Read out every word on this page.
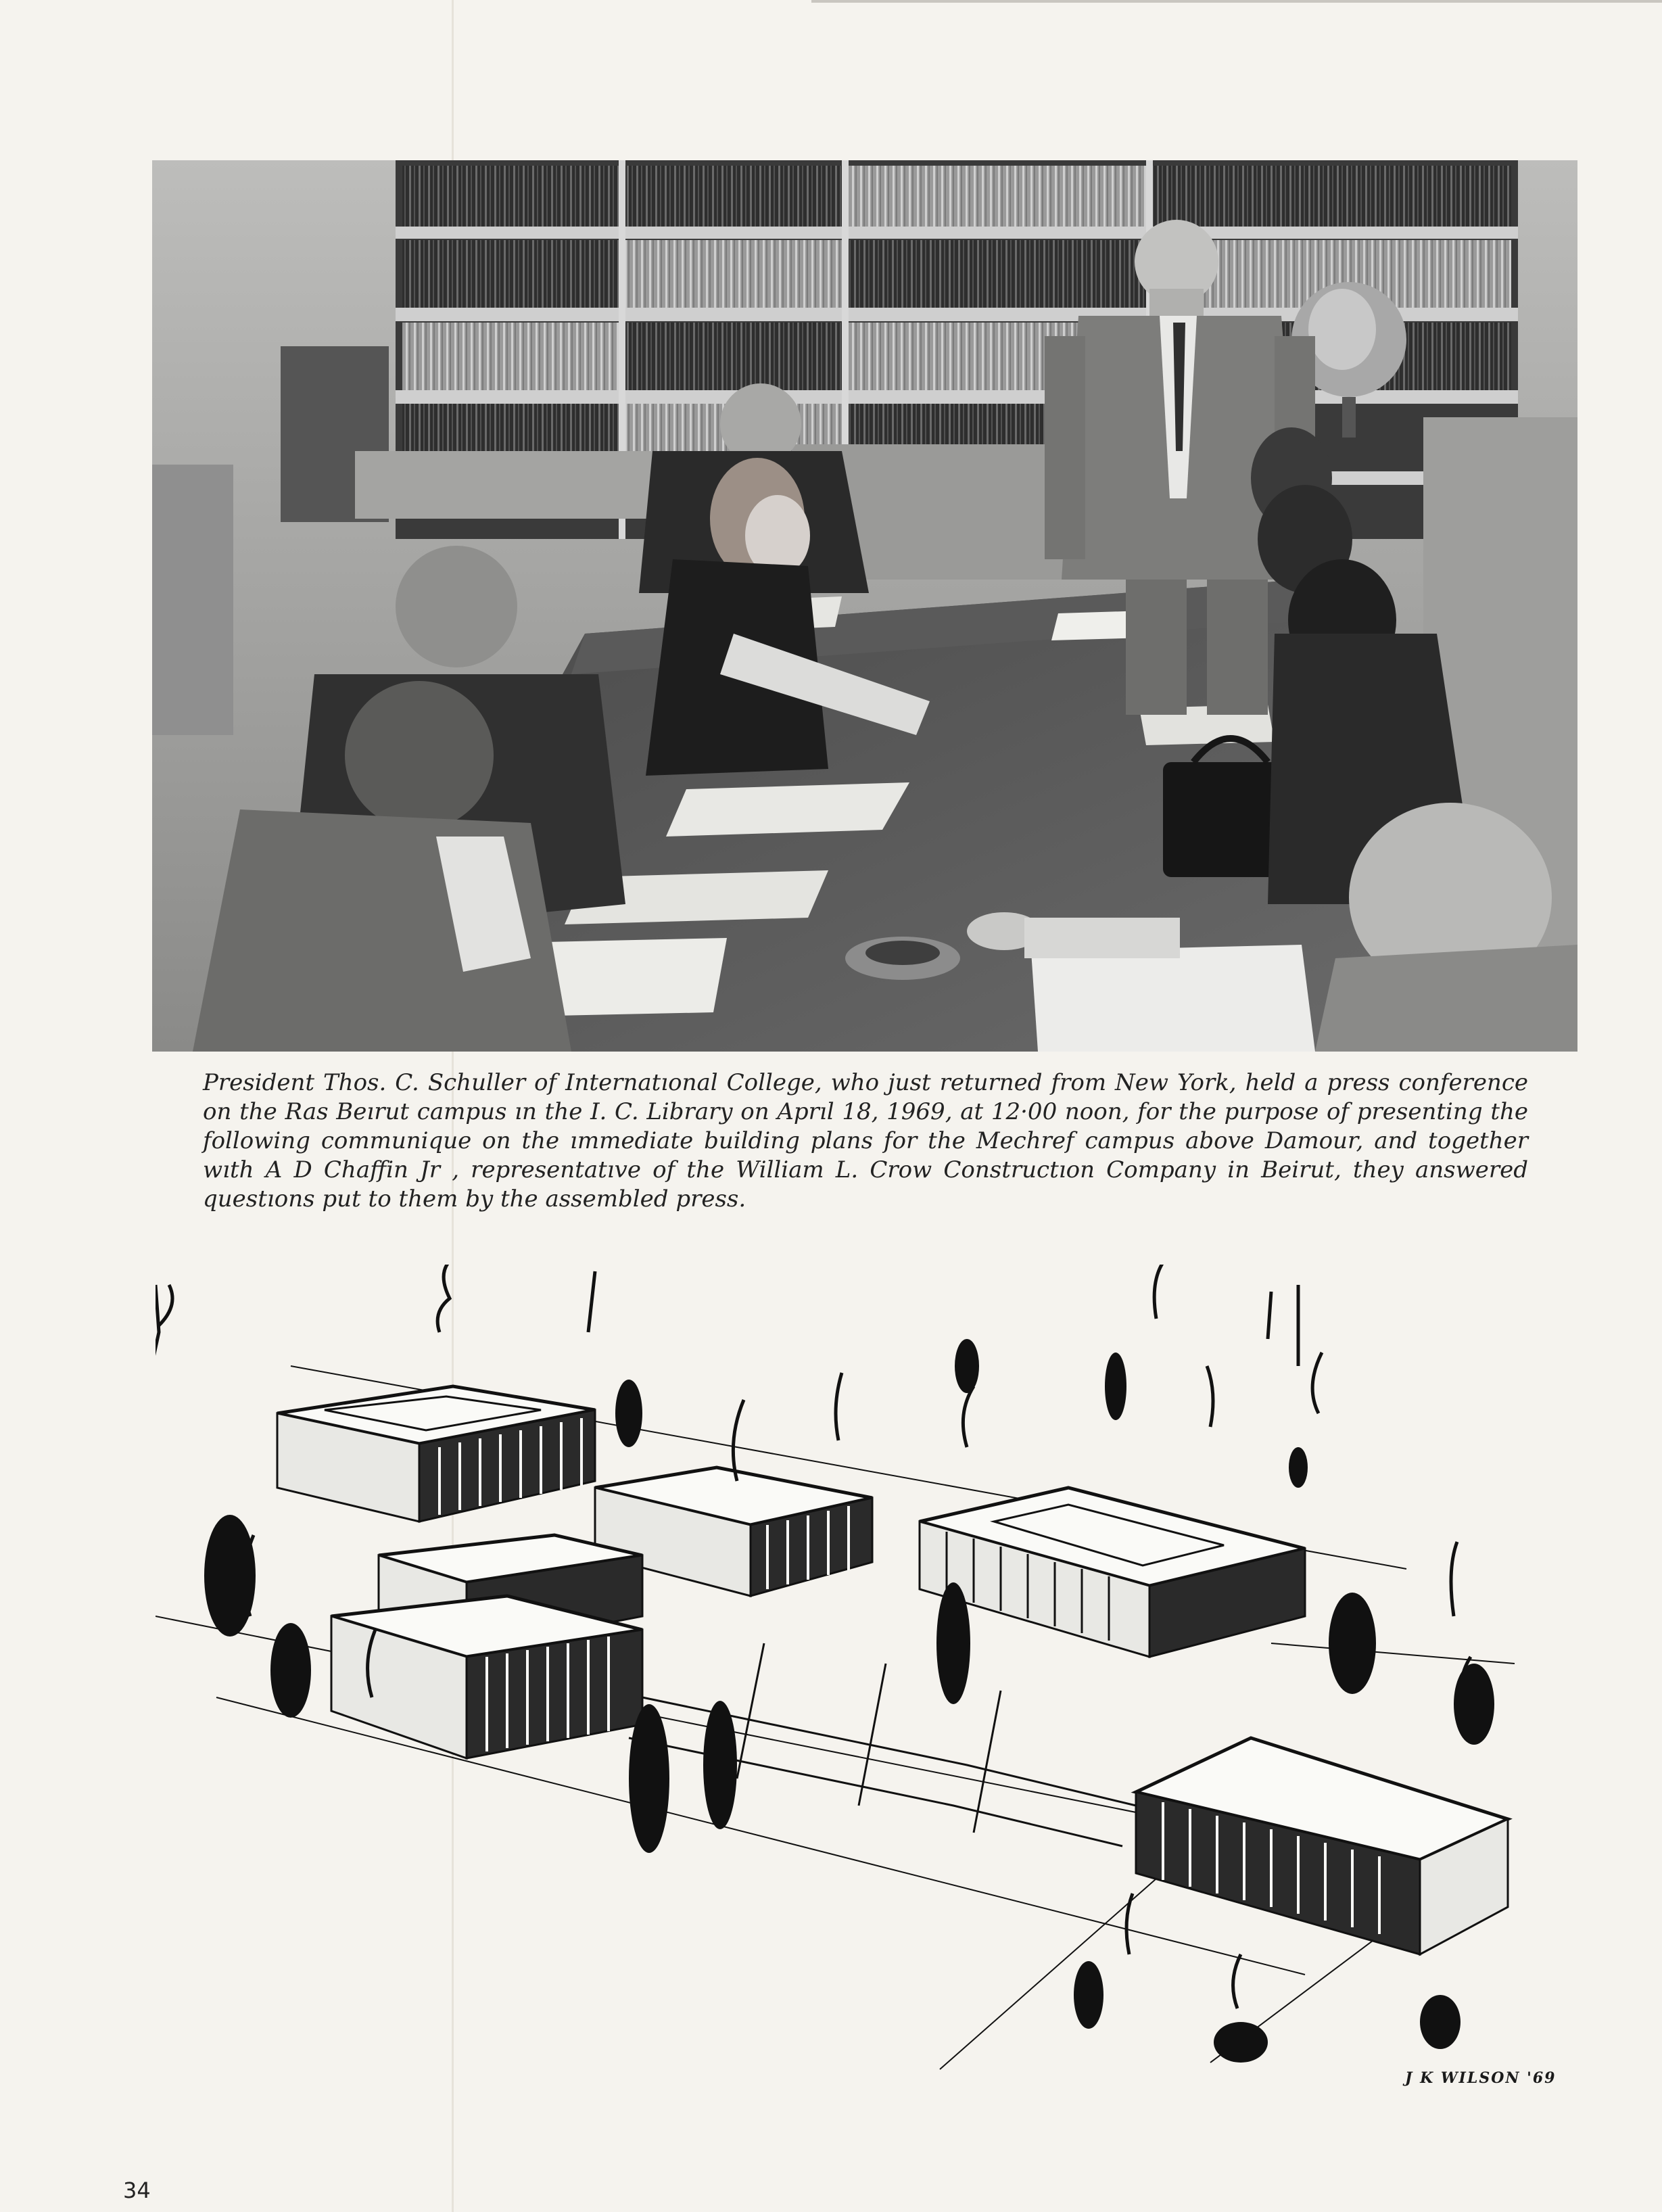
President Thos. C. Schuller of Internatıonal College, who just returned from New York, held a press conference on the Ras Beırut campus ın the I. C. Library on Aprıl 18, 1969, at 12·00 noon, for the purpose of presenting the following communique on the ımmediate building plans for the Mechref campus above Damour, and together wıth A D Chaffin Jr , representatıve of the William L. Crow Constructıon Company in Beirut, they answered questıons put to them by the assembled press.

J K WILSON '69
34
